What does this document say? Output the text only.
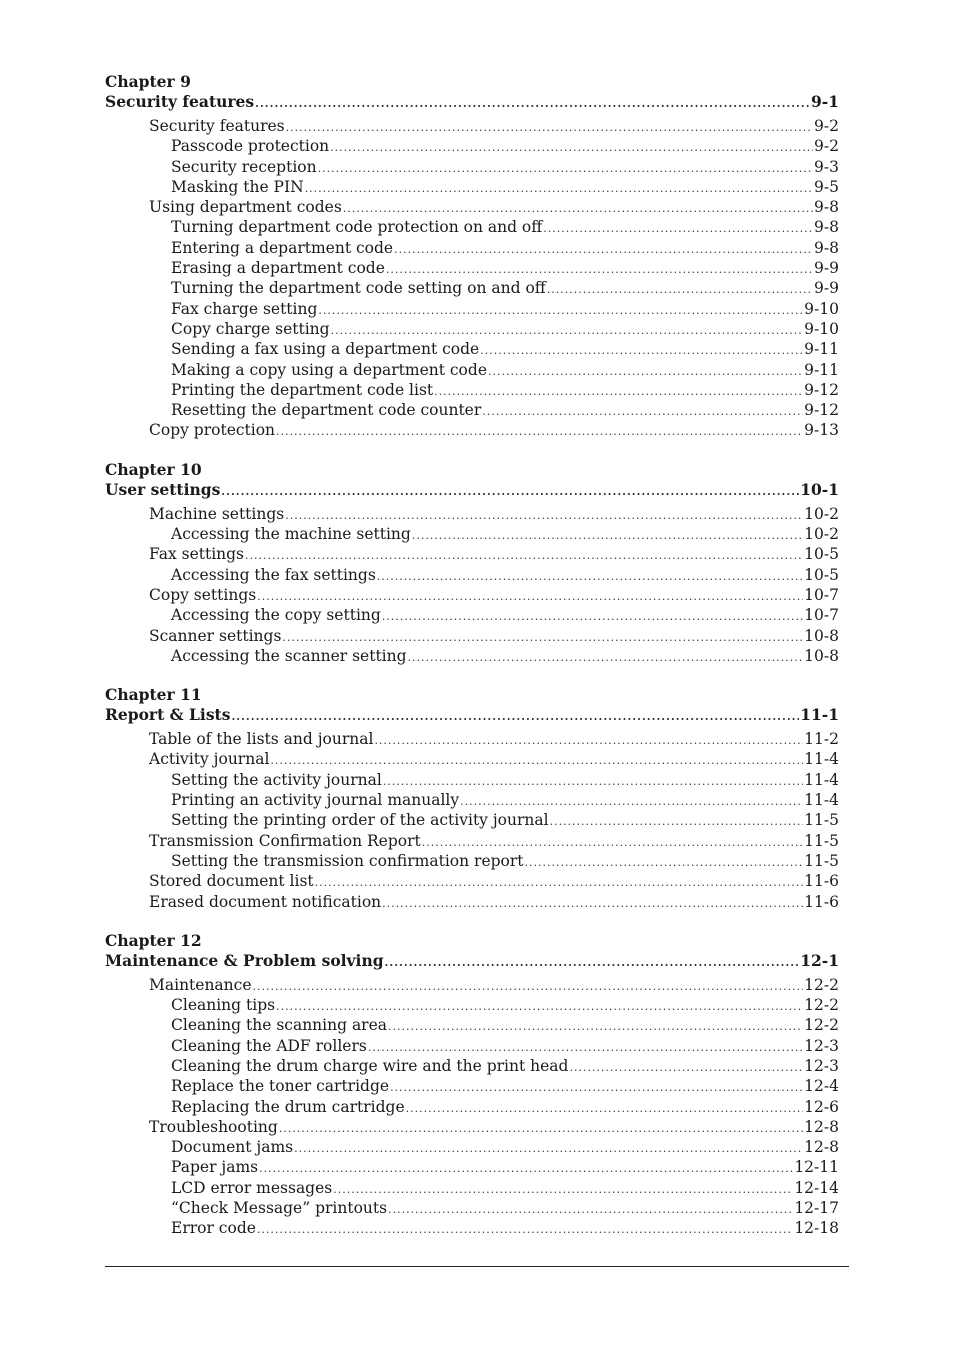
Chapter 9
Security features .....	9-1
Security features .....	9-2
Passcode protection .....	9-2
Security reception .....	9-3
Masking the PIN .....	9-5
Using department codes .....	9-8
Turning department code protection on and off .....	9-8
Entering a department code .....	9-8
Erasing a department code .....	9-9
Turning the department code setting on and off .....	9-9
Fax charge setting .....	9-10
Copy charge setting .....	9-10
Sending a fax using a department code .....	9-11
Making a copy using a department code .....	9-11
Printing the department code list .....	9-12
Resetting the department code counter .....	9-12
Copy protection .....	9-13
Chapter 10
User settings .....	10-1
Machine settings .....	10-2
Accessing the machine setting .....	10-2
Fax settings .....	10-5
Accessing the fax settings .....	10-5
Copy settings .....	10-7
Accessing the copy setting .....	10-7
Scanner settings .....	10-8
Accessing the scanner setting .....	10-8
Chapter 11
Report & Lists .....	11-1
Table of the lists and journal .....	11-2
Activity journal .....	11-4
Setting the activity journal .....	11-4
Printing an activity journal manually .....	11-4
Setting the printing order of the activity journal .....	11-5
Transmission Confirmation Report .....	11-5
Setting the transmission confirmation report .....	11-5
Stored document list .....	11-6
Erased document notification .....	11-6
Chapter 12
Maintenance & Problem solving .....	12-1
Maintenance .....	12-2
Cleaning tips .....	12-2
Cleaning the scanning area .....	12-2
Cleaning the ADF rollers .....	12-3
Cleaning the drum charge wire and the print head .....	12-3
Replace the toner cartridge .....	12-4
Replacing the drum cartridge .....	12-6
Troubleshooting .....	12-8
Document jams .....	12-8
Paper jams .....	12-11
LCD error messages .....	12-14
“Check Message” printouts .....	12-17
Error code .....	12-18
